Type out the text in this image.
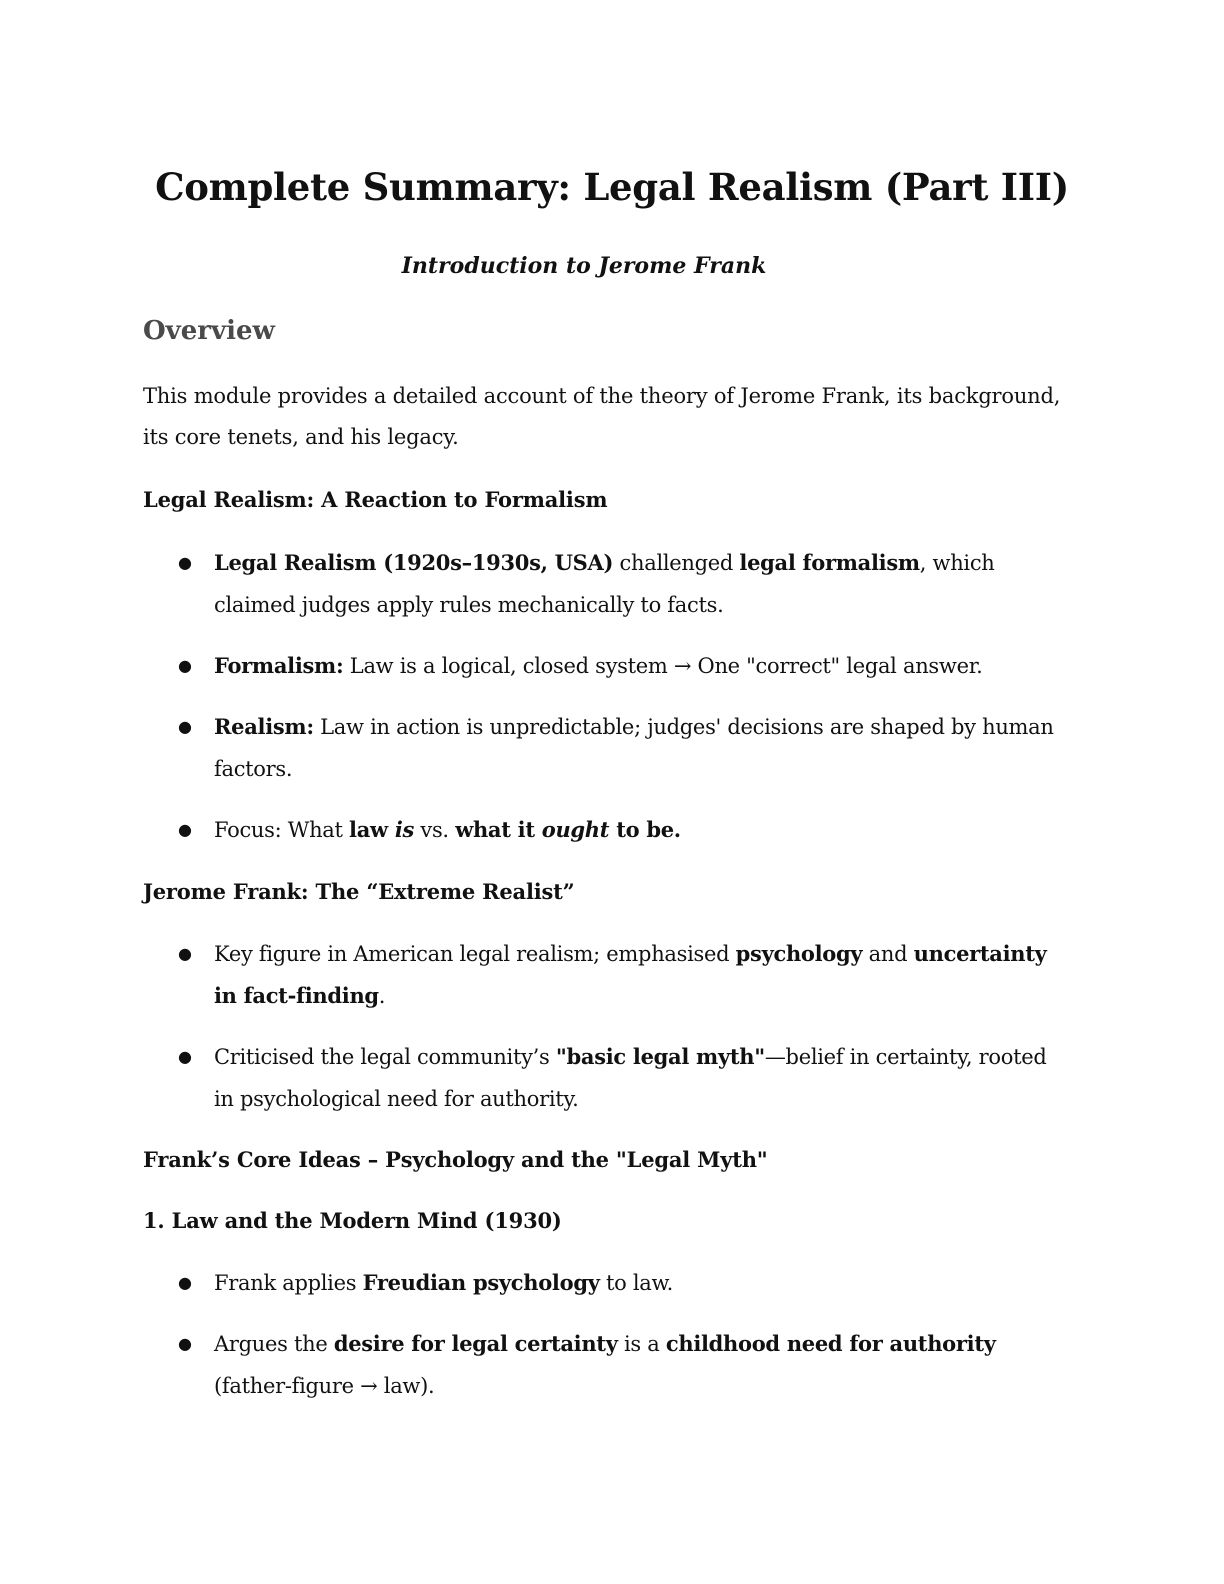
Complete Summary: Legal Realism (Part III)
Introduction to Jerome Frank
Overview
This module provides a detailed account of the theory of Jerome Frank, its background, its core tenets, and his legacy.
Legal Realism: A Reaction to Formalism
●	Legal Realism (1920s–1930s, USA) challenged legal formalism, which claimed judges apply rules mechanically to facts.
●	Formalism: Law is a logical, closed system → One "correct" legal answer.
●	Realism: Law in action is unpredictable; judges' decisions are shaped by human factors.
●	Focus: What law is vs. what it ought to be.
Jerome Frank: The “Extreme Realist”
●	Key figure in American legal realism; emphasised psychology and uncertainty in fact-finding.
●	Criticised the legal community’s "basic legal myth"—belief in certainty, rooted in psychological need for authority.
Frank’s Core Ideas – Psychology and the "Legal Myth"
1. Law and the Modern Mind (1930)
●	Frank applies Freudian psychology to law.
●	Argues the desire for legal certainty is a childhood need for authority (father-figure → law).
